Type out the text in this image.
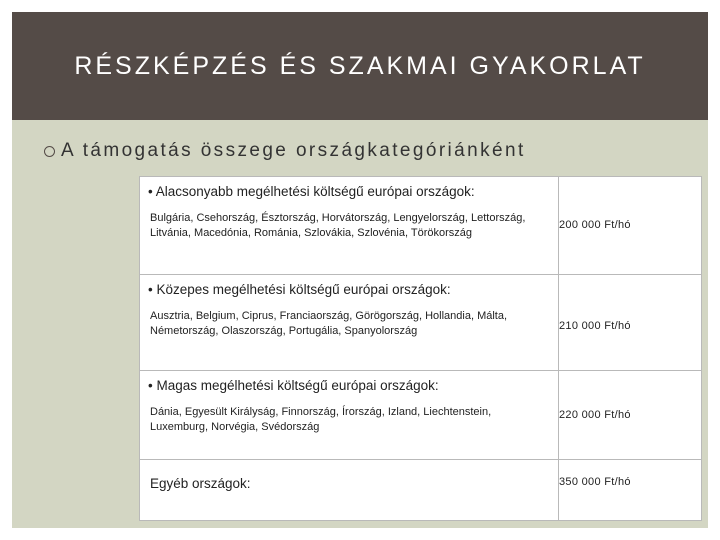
RÉSZKÉPZÉS ÉS SZAKMAI GYAKORLAT
A támogatás összege országkategóriánként
• Alacsonyabb megélhetési költségű európai országok:
Bulgária, Csehország, Észtország, Horvátország, Lengyelország, Lettország, Litvánia, Macedónia, Románia, Szlovákia, Szlovénia, Törökország	200 000 Ft/hó

• Közepes megélhetési költségű európai országok:
Ausztria, Belgium, Ciprus, Franciaország, Görögország, Hollandia, Málta, Németország, Olaszország, Portugália, Spanyolország	210 000 Ft/hó

• Magas megélhetési költségű európai országok:
Dánia, Egyesült Királyság, Finnország, Írország, Izland, Liechtenstein, Luxemburg, Norvégia, Svédország	220 000 Ft/hó

Egyéb országok:	350 000 Ft/hó
